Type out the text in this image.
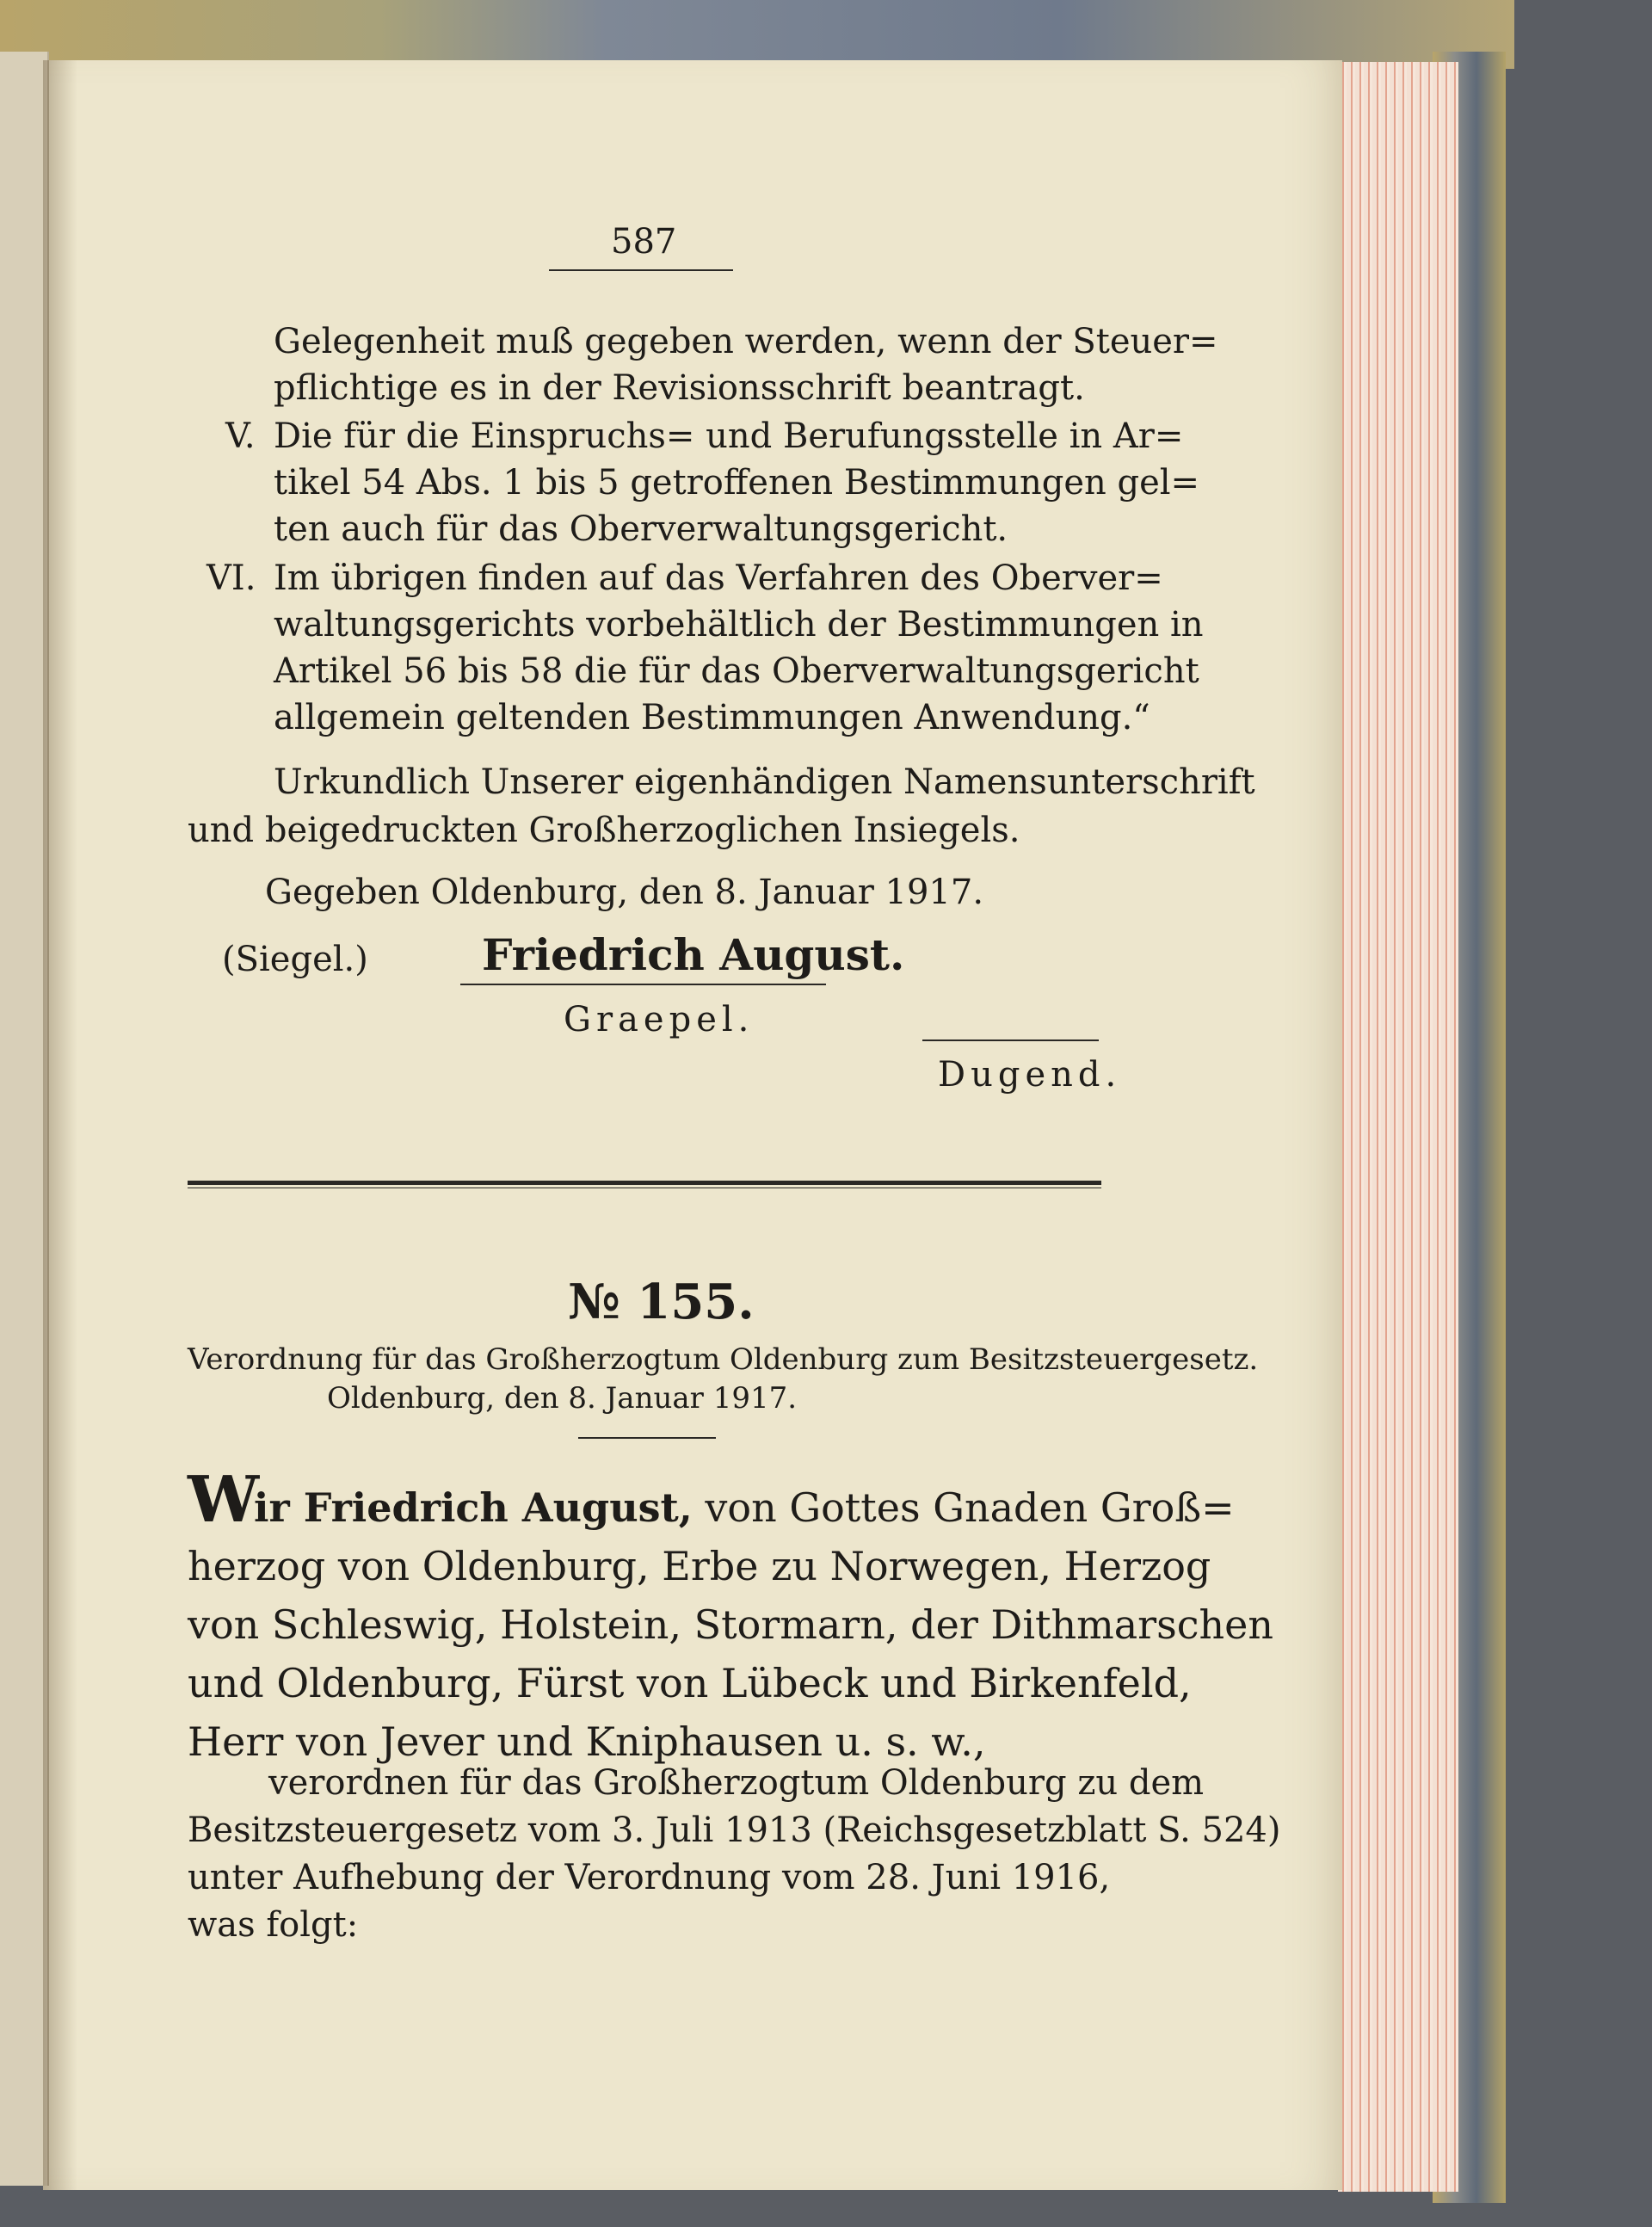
587
Gelegenheit muß gegeben werden, wenn der Steuer=
pflichtige es in der Revisionsschrift beantragt.
V. Die für die Einspruchs= und Berufungsstelle in Ar=
tikel 54 Abs. 1 bis 5 getroffenen Bestimmungen gel=
ten auch für das Oberverwaltungsgericht.
VI. Im übrigen finden auf das Verfahren des Oberver=
waltungsgerichts vorbehältlich der Bestimmungen in
Artikel 56 bis 58 die für das Oberverwaltungsgericht
allgemein geltenden Bestimmungen Anwendung.“
Urkundlich Unserer eigenhändigen Namensunterschrift
und beigedruckten Großherzoglichen Insiegels.
Gegeben Oldenburg, den 8. Januar 1917.
(Siegel.)	Friedrich August.
Graepel.
Dugend.
№ 155.
Verordnung für das Großherzogtum Oldenburg zum Besitzsteuergesetz.
Oldenburg, den 8. Januar 1917.
W
ir Friedrich August, von Gottes Gnaden Groß=
herzog von Oldenburg, Erbe zu Norwegen, Herzog
von Schleswig, Holstein, Stormarn, der Dithmarschen
und Oldenburg, Fürst von Lübeck und Birkenfeld,
Herr von Jever und Kniphausen u. s. w.,
verordnen für das Großherzogtum Oldenburg zu dem
Besitzsteuergesetz vom 3. Juli 1913 (Reichsgesetzblatt S. 524)
unter Aufhebung der Verordnung vom 28. Juni 1916,
was folgt:
